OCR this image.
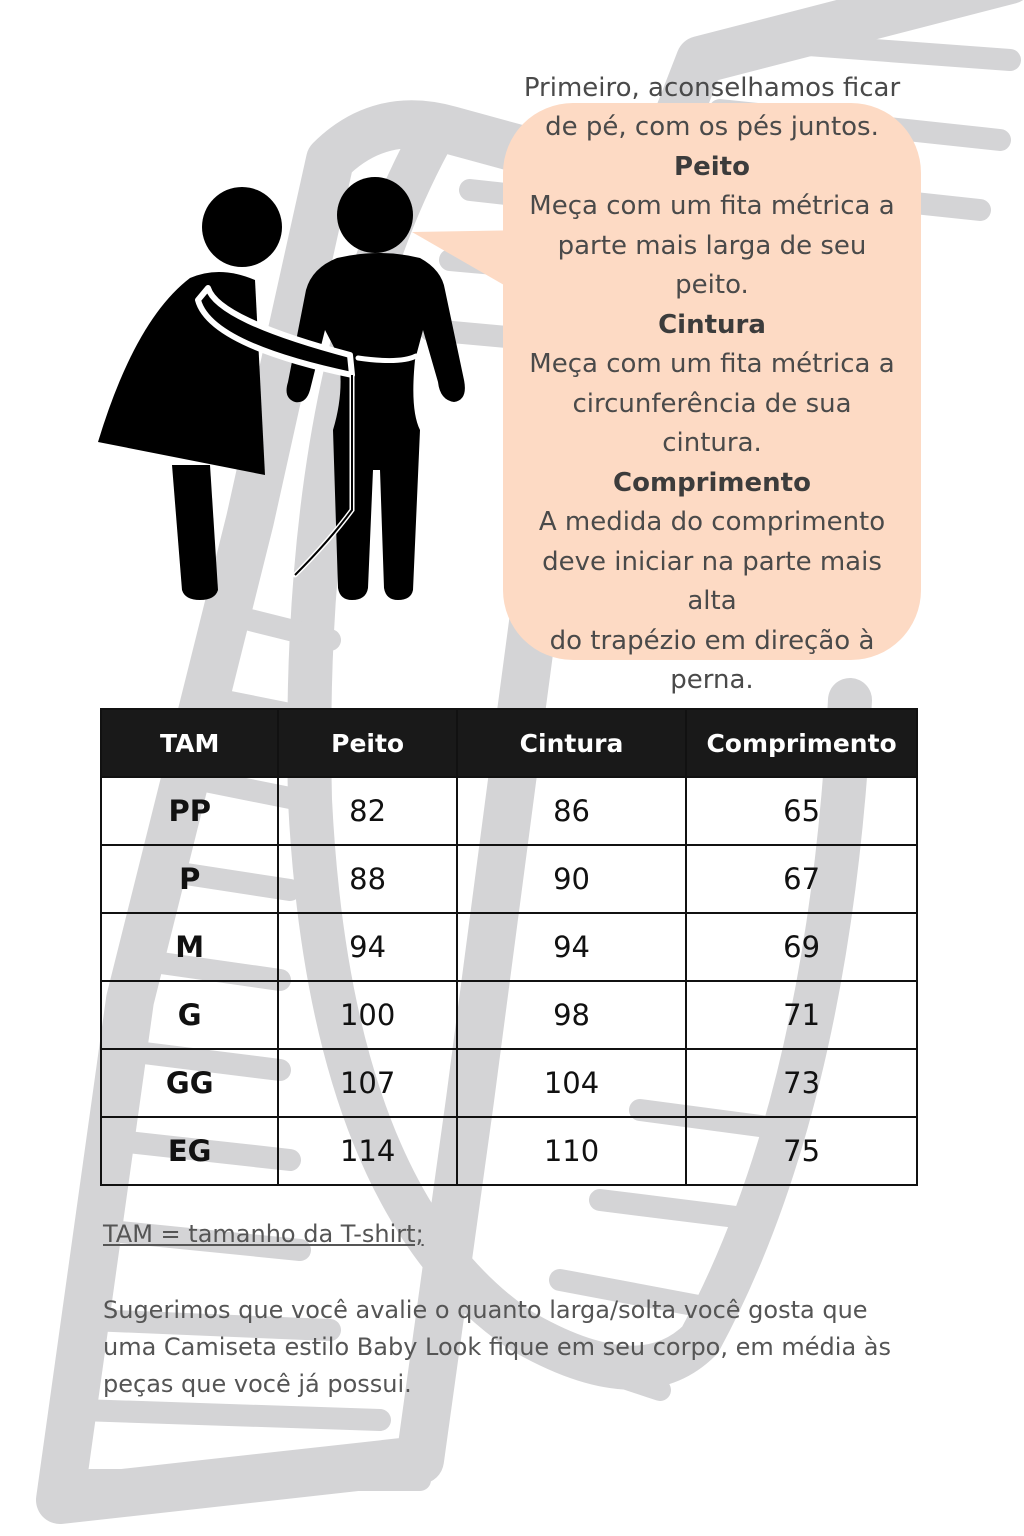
Primeiro, aconselhamos ficar
de pé, com os pés juntos.
Peito
Meça com um fita métrica a
parte mais larga de seu peito.
Cintura
Meça com um fita métrica a
circunferência de sua cintura.
Comprimento
A medida do comprimento
deve iniciar na parte mais alta
do trapézio em direção à
perna.
TAM	Peito	Cintura	Comprimento
PP	82	86	65
P	88	90	67
M	94	94	69
G	100	98	71
GG	107	104	73
EG	114	110	75

TAM = tamanho da T-shirt;

Sugerimos que você avalie o quanto larga/solta você gosta que uma Camiseta estilo Baby Look fique em seu corpo, em média às peças que você já possui.
